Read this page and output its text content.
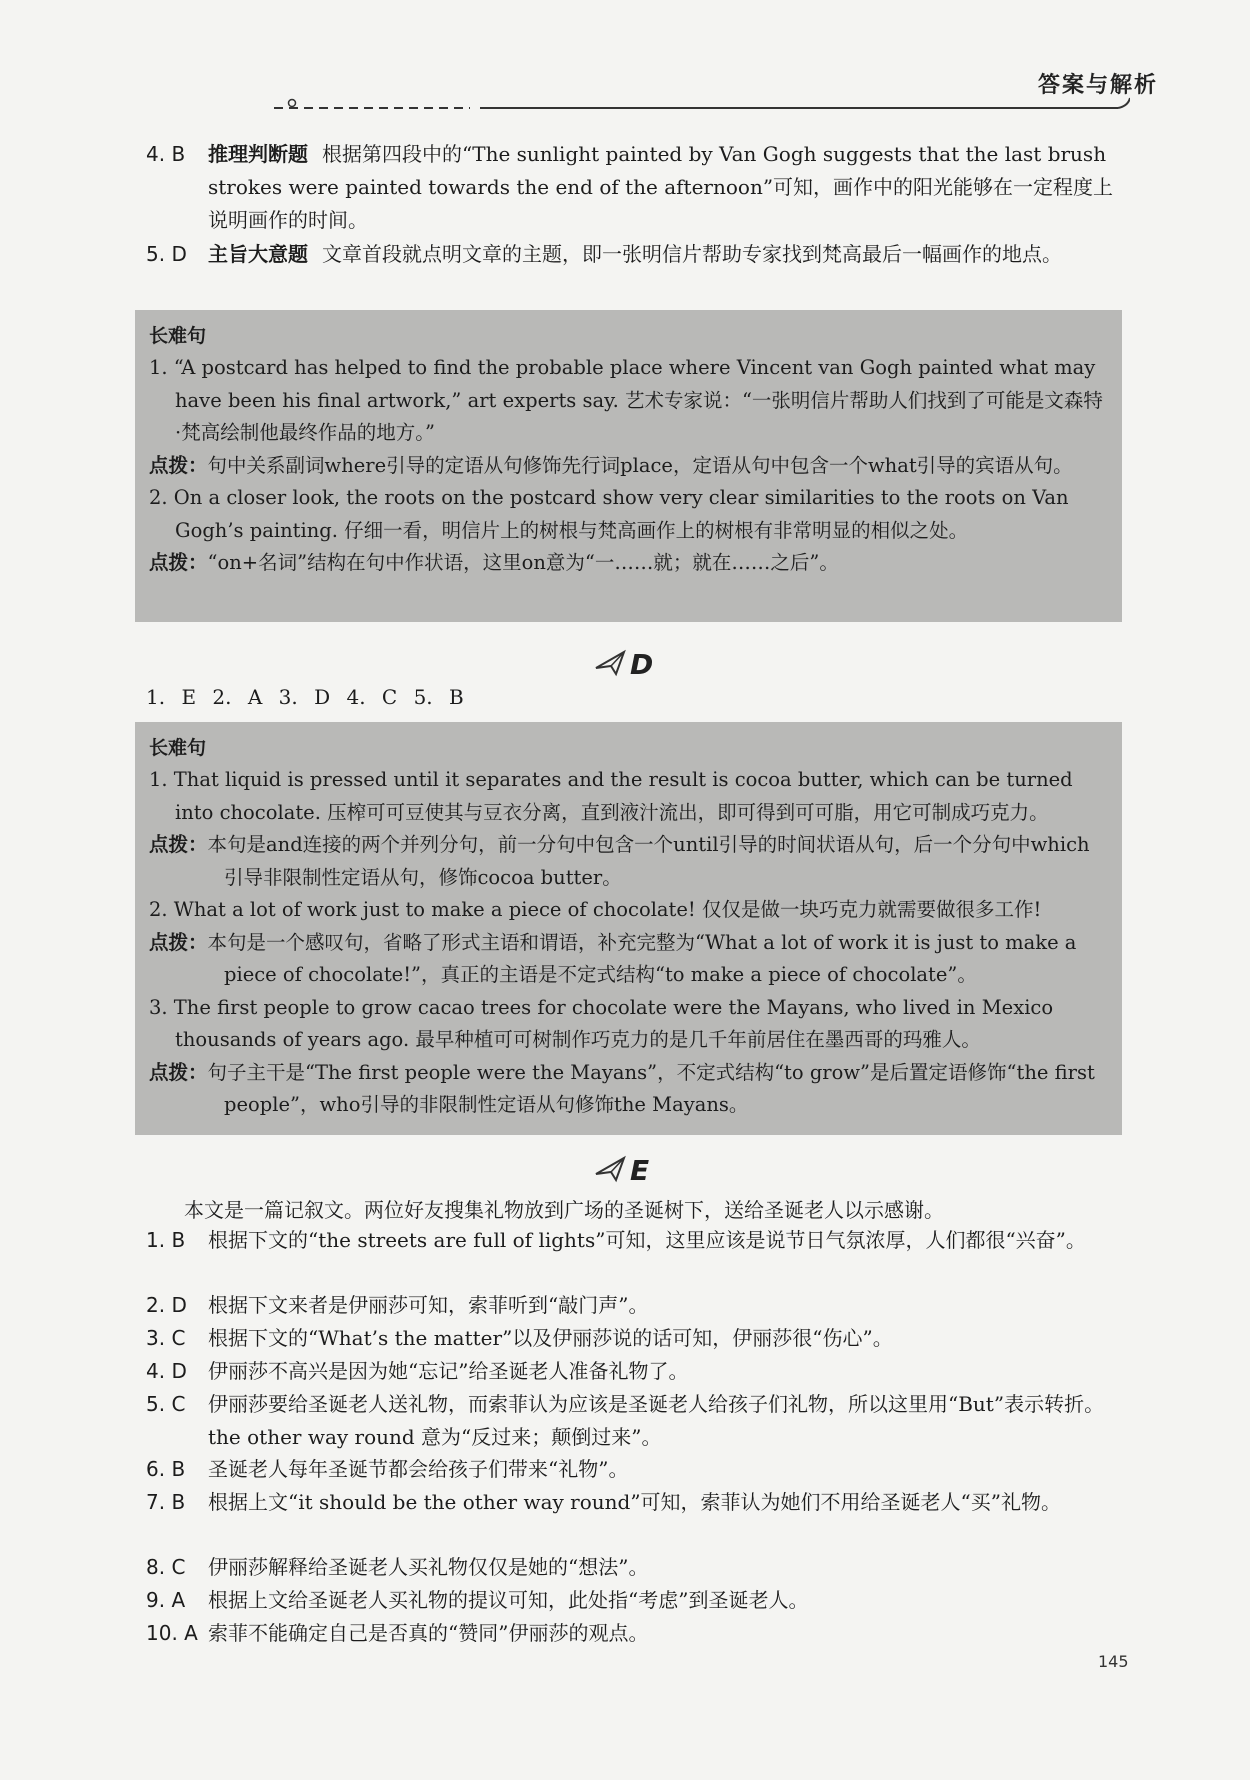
答案与解析
4. B	推理判断题 根据第四段中的“The sunlight painted by Van Gogh suggests that the last brush strokes were painted towards the end of the afternoon”可知，画作中的阳光能够在一定程度上说明画作的时间。
5. D	主旨大意题 文章首段就点明文章的主题，即一张明信片帮助专家找到梵高最后一幅画作的地点。
长难句
1. “A postcard has helped to find the probable place where Vincent van Gogh painted what may have been his final artwork,” art experts say. 艺术专家说：“一张明信片帮助人们找到了可能是文森特·梵高绘制他最终作品的地方。”
点拨：句中关系副词where引导的定语从句修饰先行词place，定语从句中包含一个what引导的宾语从句。
2. On a closer look, the roots on the postcard show very clear similarities to the roots on Van Gogh’s painting. 仔细一看，明信片上的树根与梵高画作上的树根有非常明显的相似之处。
点拨：“on+名词”结构在句中作状语，这里on意为“一……就；就在……之后”。
D
1. E 2. A 3. D 4. C 5. B
长难句
1. That liquid is pressed until it separates and the result is cocoa butter, which can be turned into chocolate. 压榨可可豆使其与豆衣分离，直到液汁流出，即可得到可可脂，用它可制成巧克力。
点拨：本句是and连接的两个并列分句，前一分句中包含一个until引导的时间状语从句，后一个分句中which 引导非限制性定语从句，修饰cocoa butter。
2. What a lot of work just to make a piece of chocolate! 仅仅是做一块巧克力就需要做很多工作!
点拨：本句是一个感叹句，省略了形式主语和谓语，补充完整为“What a lot of work it is just to make a piece of chocolate!”，真正的主语是不定式结构“to make a piece of chocolate”。
3. The first people to grow cacao trees for chocolate were the Mayans, who lived in Mexico thousands of years ago. 最早种植可可树制作巧克力的是几千年前居住在墨西哥的玛雅人。
点拨：句子主干是“The first people were the Mayans”，不定式结构“to grow”是后置定语修饰“the first people”，who引导的非限制性定语从句修饰the Mayans。
E
本文是一篇记叙文。两位好友搜集礼物放到广场的圣诞树下，送给圣诞老人以示感谢。
1. B 根据下文的“the streets are full of lights”可知，这里应该是说节日气氛浓厚，人们都很“兴奋”。
2. D 根据下文来者是伊丽莎可知，索菲听到“敲门声”。
3. C 根据下文的“What’s the matter”以及伊丽莎说的话可知，伊丽莎很“伤心”。
4. D 伊丽莎不高兴是因为她“忘记”给圣诞老人准备礼物了。
5. C 伊丽莎要给圣诞老人送礼物，而索菲认为应该是圣诞老人给孩子们礼物，所以这里用“But”表示转折。the other way round 意为“反过来；颠倒过来”。
6. B 圣诞老人每年圣诞节都会给孩子们带来“礼物”。
7. B 根据上文“it should be the other way round”可知，索菲认为她们不用给圣诞老人“买”礼物。
8. C 伊丽莎解释给圣诞老人买礼物仅仅是她的“想法”。
9. A 根据上文给圣诞老人买礼物的提议可知，此处指“考虑”到圣诞老人。
10. A 索菲不能确定自己是否真的“赞同”伊丽莎的观点。
145
